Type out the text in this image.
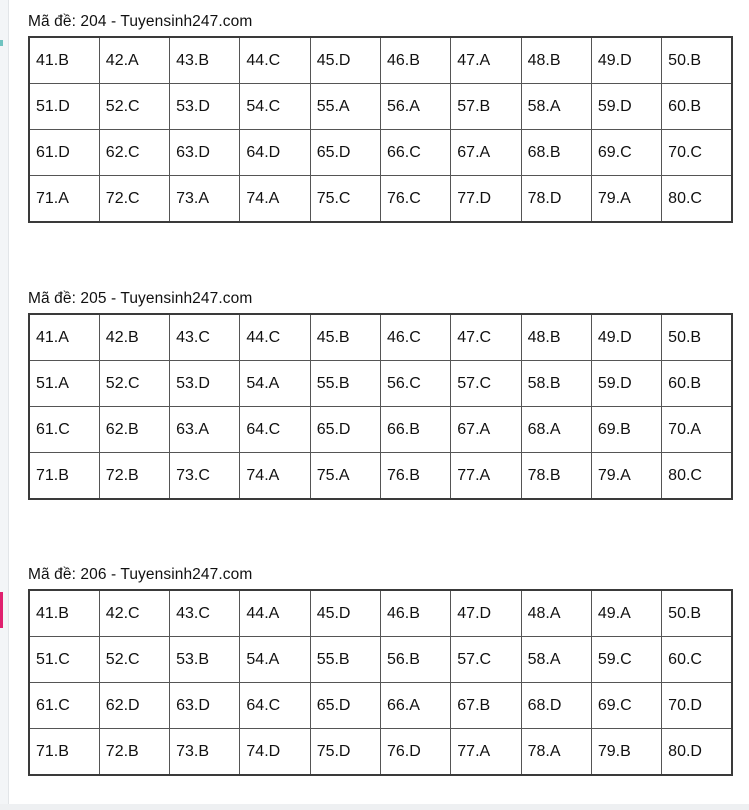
Mã đề: 204 - Tuyensinh247.com
41.B	42.A	43.B	44.C	45.D	46.B	47.A	48.B	49.D	50.B
51.D	52.C	53.D	54.C	55.A	56.A	57.B	58.A	59.D	60.B
61.D	62.C	63.D	64.D	65.D	66.C	67.A	68.B	69.C	70.C
71.A	72.C	73.A	74.A	75.C	76.C	77.D	78.D	79.A	80.C
Mã đề: 205 - Tuyensinh247.com
41.A	42.B	43.C	44.C	45.B	46.C	47.C	48.B	49.D	50.B
51.A	52.C	53.D	54.A	55.B	56.C	57.C	58.B	59.D	60.B
61.C	62.B	63.A	64.C	65.D	66.B	67.A	68.A	69.B	70.A
71.B	72.B	73.C	74.A	75.A	76.B	77.A	78.B	79.A	80.C
Mã đề: 206 - Tuyensinh247.com
41.B	42.C	43.C	44.A	45.D	46.B	47.D	48.A	49.A	50.B
51.C	52.C	53.B	54.A	55.B	56.B	57.C	58.A	59.C	60.C
61.C	62.D	63.D	64.C	65.D	66.A	67.B	68.D	69.C	70.D
71.B	72.B	73.B	74.D	75.D	76.D	77.A	78.A	79.B	80.D
